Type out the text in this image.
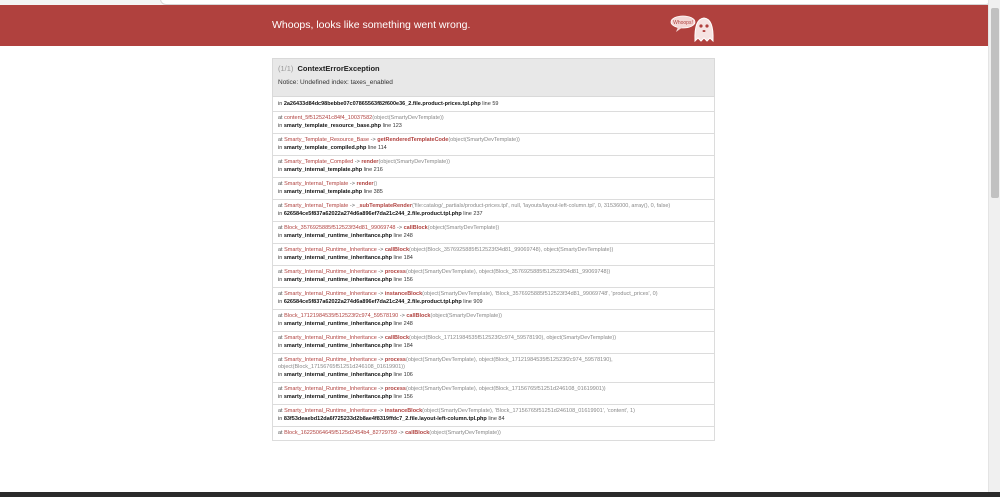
Whoops, looks like something went wrong.	Whoops!
(1/1) ContextErrorException
Notice: Undefined index: taxes_enabled
in 2a26433d84dc98bebbe07c07865563f82f600e36_2.file.product-prices.tpl.php line 59
at content_5f5125241c84f4_10037582(object(SmartyDevTemplate))
in smarty_template_resource_base.php line 123
at Smarty_Template_Resource_Base -> getRenderedTemplateCode(object(SmartyDevTemplate))
in smarty_template_compiled.php line 114
at Smarty_Template_Compiled -> render(object(SmartyDevTemplate))
in smarty_internal_template.php line 216
at Smarty_Internal_Template -> render()
in smarty_internal_template.php line 385
at Smarty_Internal_Template -> _subTemplateRender('file:catalog/_partials/product-prices.tpl', null, 'layouts/layout-left-column.tpl', 0, 31536000, array(), 0, false)
in 626584ce5f837a62022a274d6a896ef7da21c244_2.file.product.tpl.php line 237
at Block_3576925885f512523f34d81_99069748 -> callBlock(object(SmartyDevTemplate))
in smarty_internal_runtime_inheritance.php line 248
at Smarty_Internal_Runtime_Inheritance -> callBlock(object(Block_3576925885f512523f34d81_99069748), object(SmartyDevTemplate))
in smarty_internal_runtime_inheritance.php line 184
at Smarty_Internal_Runtime_Inheritance -> process(object(SmartyDevTemplate), object(Block_3576925885f512523f34d81_99069748))
in smarty_internal_runtime_inheritance.php line 156
at Smarty_Internal_Runtime_Inheritance -> instanceBlock(object(SmartyDevTemplate), 'Block_3576925885f512523f34d81_99069748', 'product_prices', 0)
in 626584ce5f837a62022a274d6a896ef7da21c244_2.file.product.tpl.php line 909
at Block_17121984535f512523f2c974_59578190 -> callBlock(object(SmartyDevTemplate))
in smarty_internal_runtime_inheritance.php line 248
at Smarty_Internal_Runtime_Inheritance -> callBlock(object(Block_17121984535f512523f2c974_59578190), object(SmartyDevTemplate))
in smarty_internal_runtime_inheritance.php line 184
at Smarty_Internal_Runtime_Inheritance -> process(object(SmartyDevTemplate), object(Block_17121984535f512523f2c974_59578190), object(Block_17156765f51251d246108_01619901))
in smarty_internal_runtime_inheritance.php line 106
at Smarty_Internal_Runtime_Inheritance -> process(object(SmartyDevTemplate), object(Block_17156765f51251d246108_01619901))
in smarty_internal_runtime_inheritance.php line 156
at Smarty_Internal_Runtime_Inheritance -> instanceBlock(object(SmartyDevTemplate), 'Block_17156765f51251d246108_01619901', 'content', 1)
in 83f53deaebd12da6f725233d2b8ae4f8319ffdc7_2.file.layout-left-column.tpl.php line 84
at Block_16225064645f5125d2454b4_82729759 -> callBlock(object(SmartyDevTemplate))
